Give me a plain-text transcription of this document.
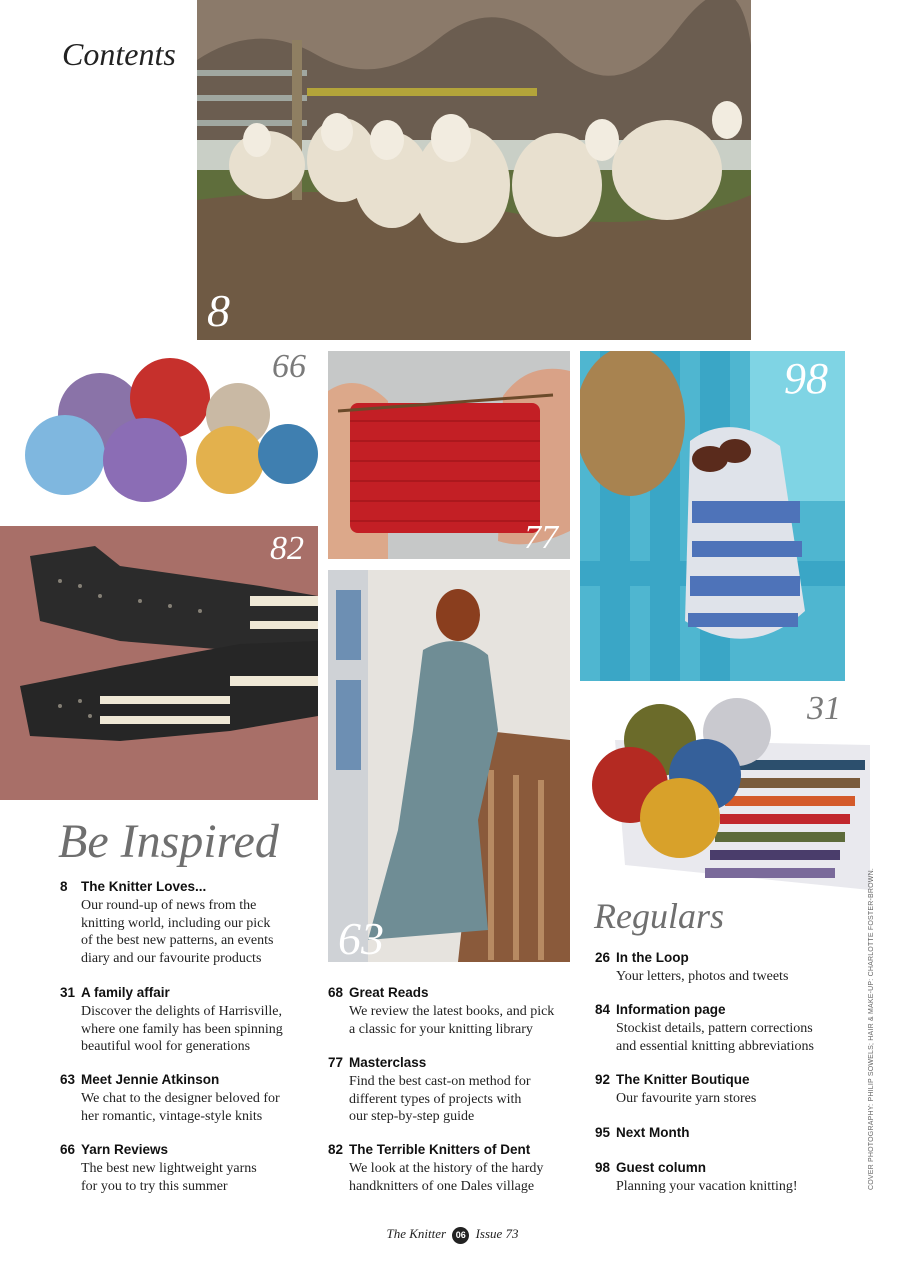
Contents
8
66
77
98
82
63
31
Be Inspired
8 The Knitter Loves...
Our round-up of news from the
knitting world, including our pick
of the best new patterns, an events
diary and our favourite products
31 A family affair
Discover the delights of Harrisville,
where one family has been spinning
beautiful wool for generations
63 Meet Jennie Atkinson
We chat to the designer beloved for
her romantic, vintage-style knits
66 Yarn Reviews
The best new lightweight yarns
for you to try this summer
68 Great Reads
We review the latest books, and pick
a classic for your knitting library
77 Masterclass
Find the best cast-on method for
different types of projects with
our step-by-step guide
82 The Terrible Knitters of Dent
We look at the history of the hardy
handknitters of one Dales village
Regulars
26 In the Loop
Your letters, photos and tweets
84 Information page
Stockist details, pattern corrections
and essential knitting abbreviations
92 The Knitter Boutique
Our favourite yarn stores
95 Next Month
98 Guest column
Planning your vacation knitting!	COVER PHOTOGRAPHY: PHILIP SOWELS; HAIR & MAKE-UP: CHARLOTTE FOSTER-BROWN.
The Knitter 06 Issue 73
